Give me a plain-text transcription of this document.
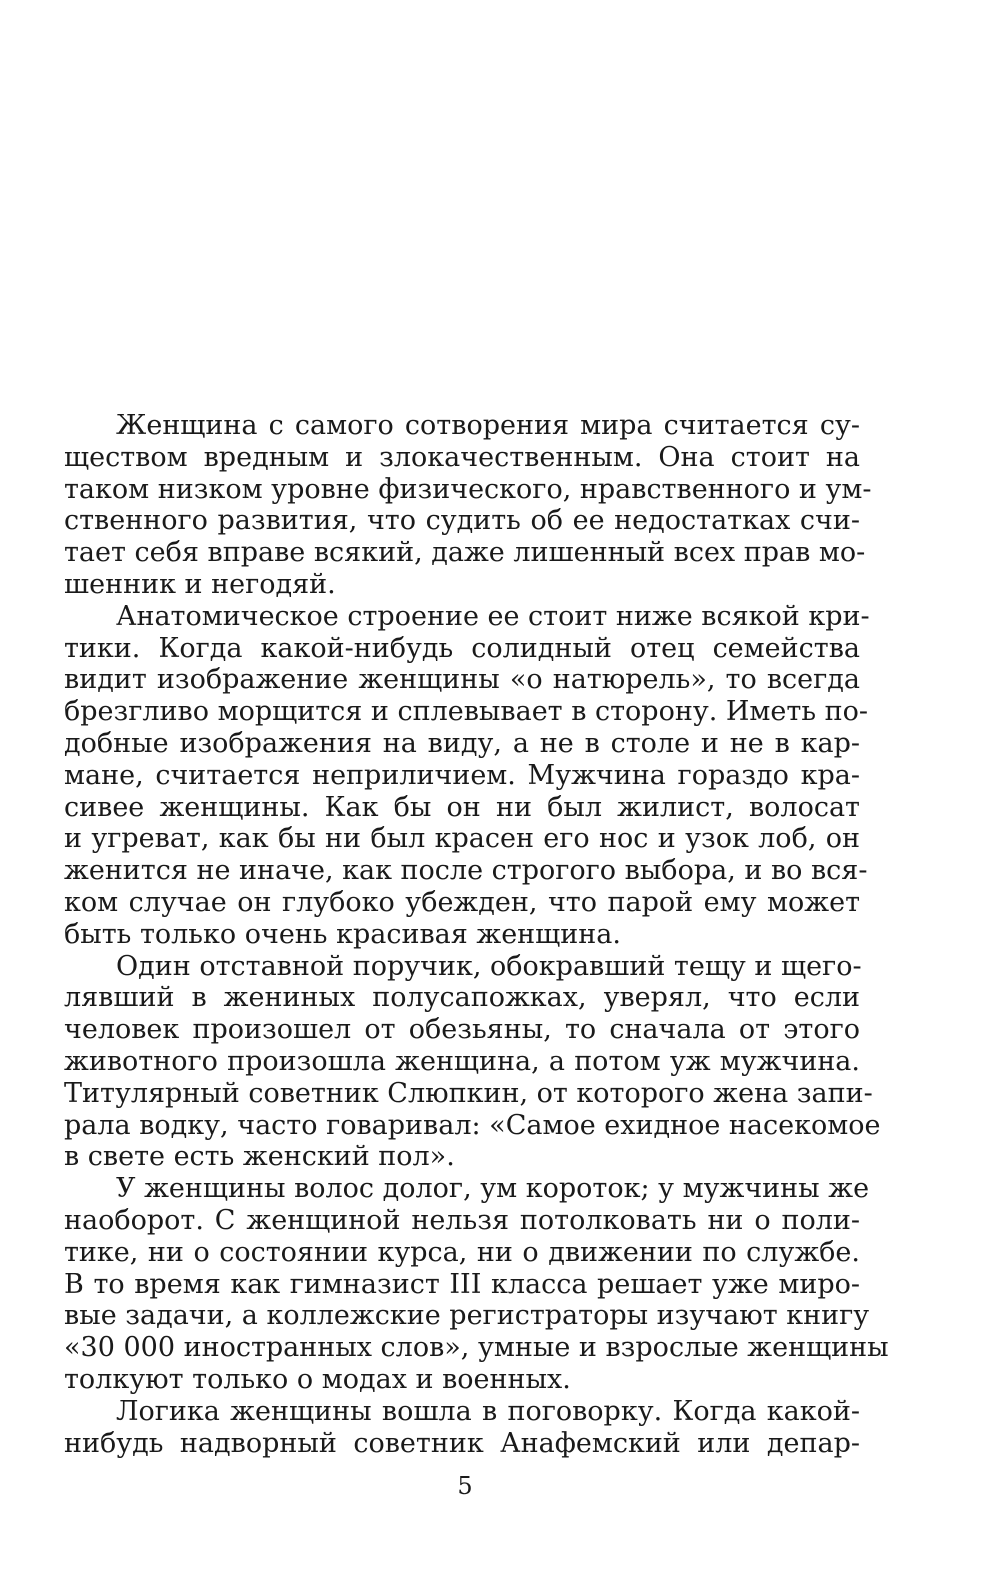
Женщина с самого сотворения мира считается су-
ществом вредным и злокачественным. Она стоит на
таком низком уровне физического, нравственного и ум-
ственного развития, что судить об ее недостатках счи-
тает себя вправе всякий, даже лишенный всех прав мо-
шенник и негодяй.
Анатомическое строение ее стоит ниже всякой кри-
тики. Когда какой-нибудь солидный отец семейства
видит изображение женщины «о натюрель», то всегда
брезгливо морщится и сплевывает в сторону. Иметь по-
добные изображения на виду, а не в столе и не в кар-
мане, считается неприличием. Мужчина гораздо кра-
сивее женщины. Как бы он ни был жилист, волосат
и угреват, как бы ни был красен его нос и узок лоб, он
женится не иначе, как после строгого выбора, и во вся-
ком случае он глубоко убежден, что парой ему может
быть только очень красивая женщина.
Один отставной поручик, обокравший тещу и щего-
лявший в жениных полусапожках, уверял, что если
человек произошел от обезьяны, то сначала от этого
животного произошла женщина, а потом уж мужчина.
Титулярный советник Слюпкин, от которого жена запи-
рала водку, часто говаривал: «Самое ехидное насекомое
в свете есть женский пол».
У женщины волос долог, ум короток; у мужчины же
наоборот. С женщиной нельзя потолковать ни о поли-
тике, ни о состоянии курса, ни о движении по службе.
В то время как гимназист III класса решает уже миро-
вые задачи, а коллежские регистраторы изучают книгу
«30 000 иностранных слов», умные и взрослые женщины
толкуют только о модах и военных.
Логика женщины вошла в поговорку. Когда какой-
нибудь надворный советник Анафемский или депар-
5
